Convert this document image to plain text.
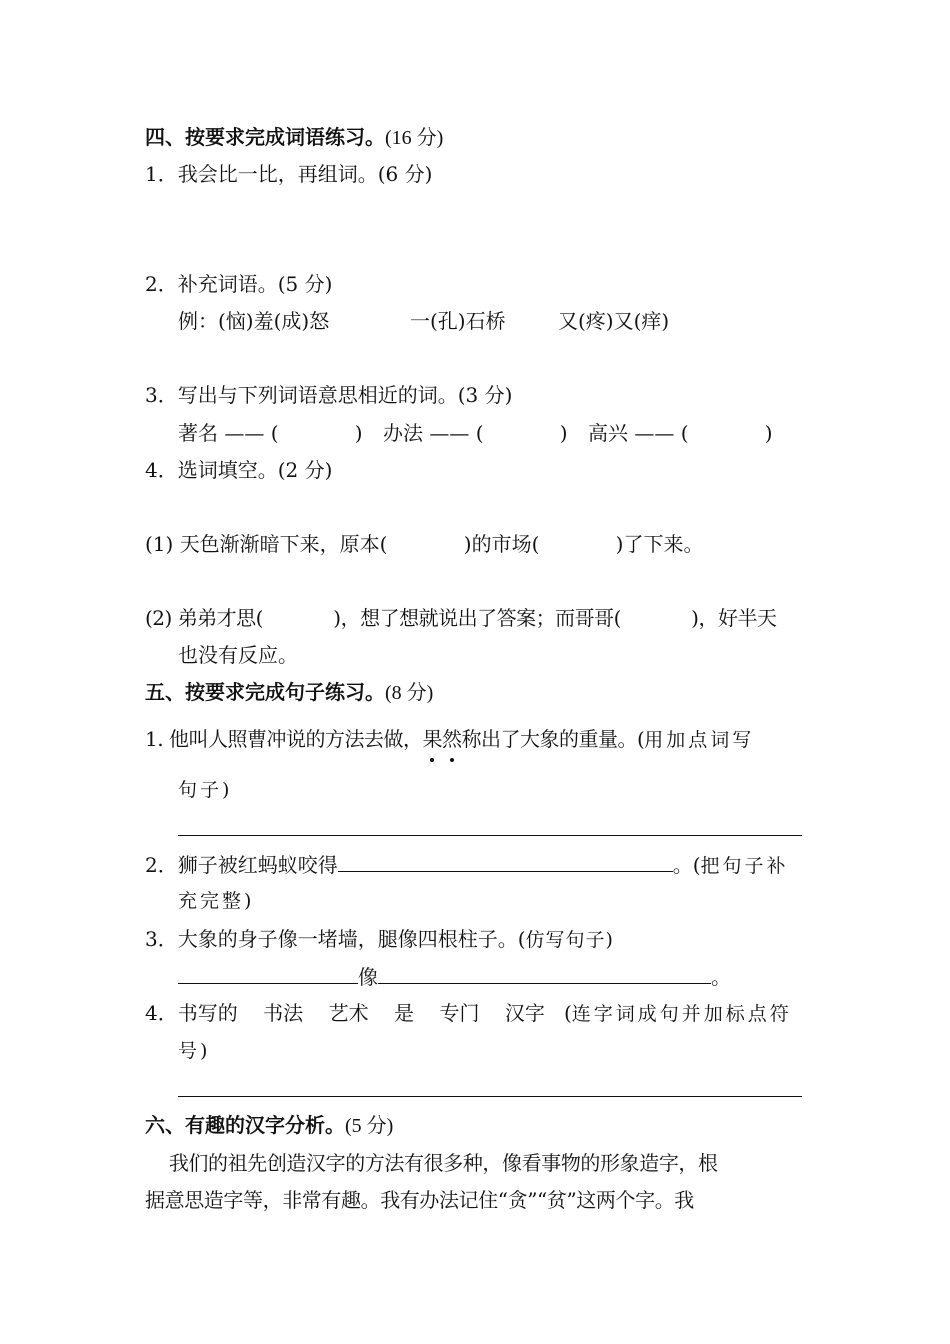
四、按要求完成词语练习。(16 分)
1．我会比一比，再组词。(6 分)
2．补充词语。(5 分)
例：(恼)羞(成)怒	一(孔)石桥	又(疼)又(痒)
3．写出与下列词语意思相近的词。(3 分)
著名 —— (            ) 办法 —— (            ) 高兴 —— (            )
4．选词填空。(2 分)
(1) 天色渐渐暗下来，原本(            )的市场(            )了下来。
(2) 弟弟才思(            )，想了想就说出了答案；而哥哥(            )，好半天
也没有反应。
五、按要求完成句子练习。(8 分)
1. 他叫人照曹冲说的方法去做，果然称出了大象的重量。(用加点词写
句子)
2．狮子被红蚂蚁咬得	。(把句子补
充完整)
3．大象的身子像一堵墙，腿像四根柱子。(仿写句子)
像	。
4．书写的    书法    艺术    是    专门    汉字   (连字词成句并加标点符
号)
六、有趣的汉字分析。(5 分)
我们的祖先创造汉字的方法有很多种，像看事物的形象造字，根
据意思造字等，非常有趣。我有办法记住“贪”“贫”这两个字。我
